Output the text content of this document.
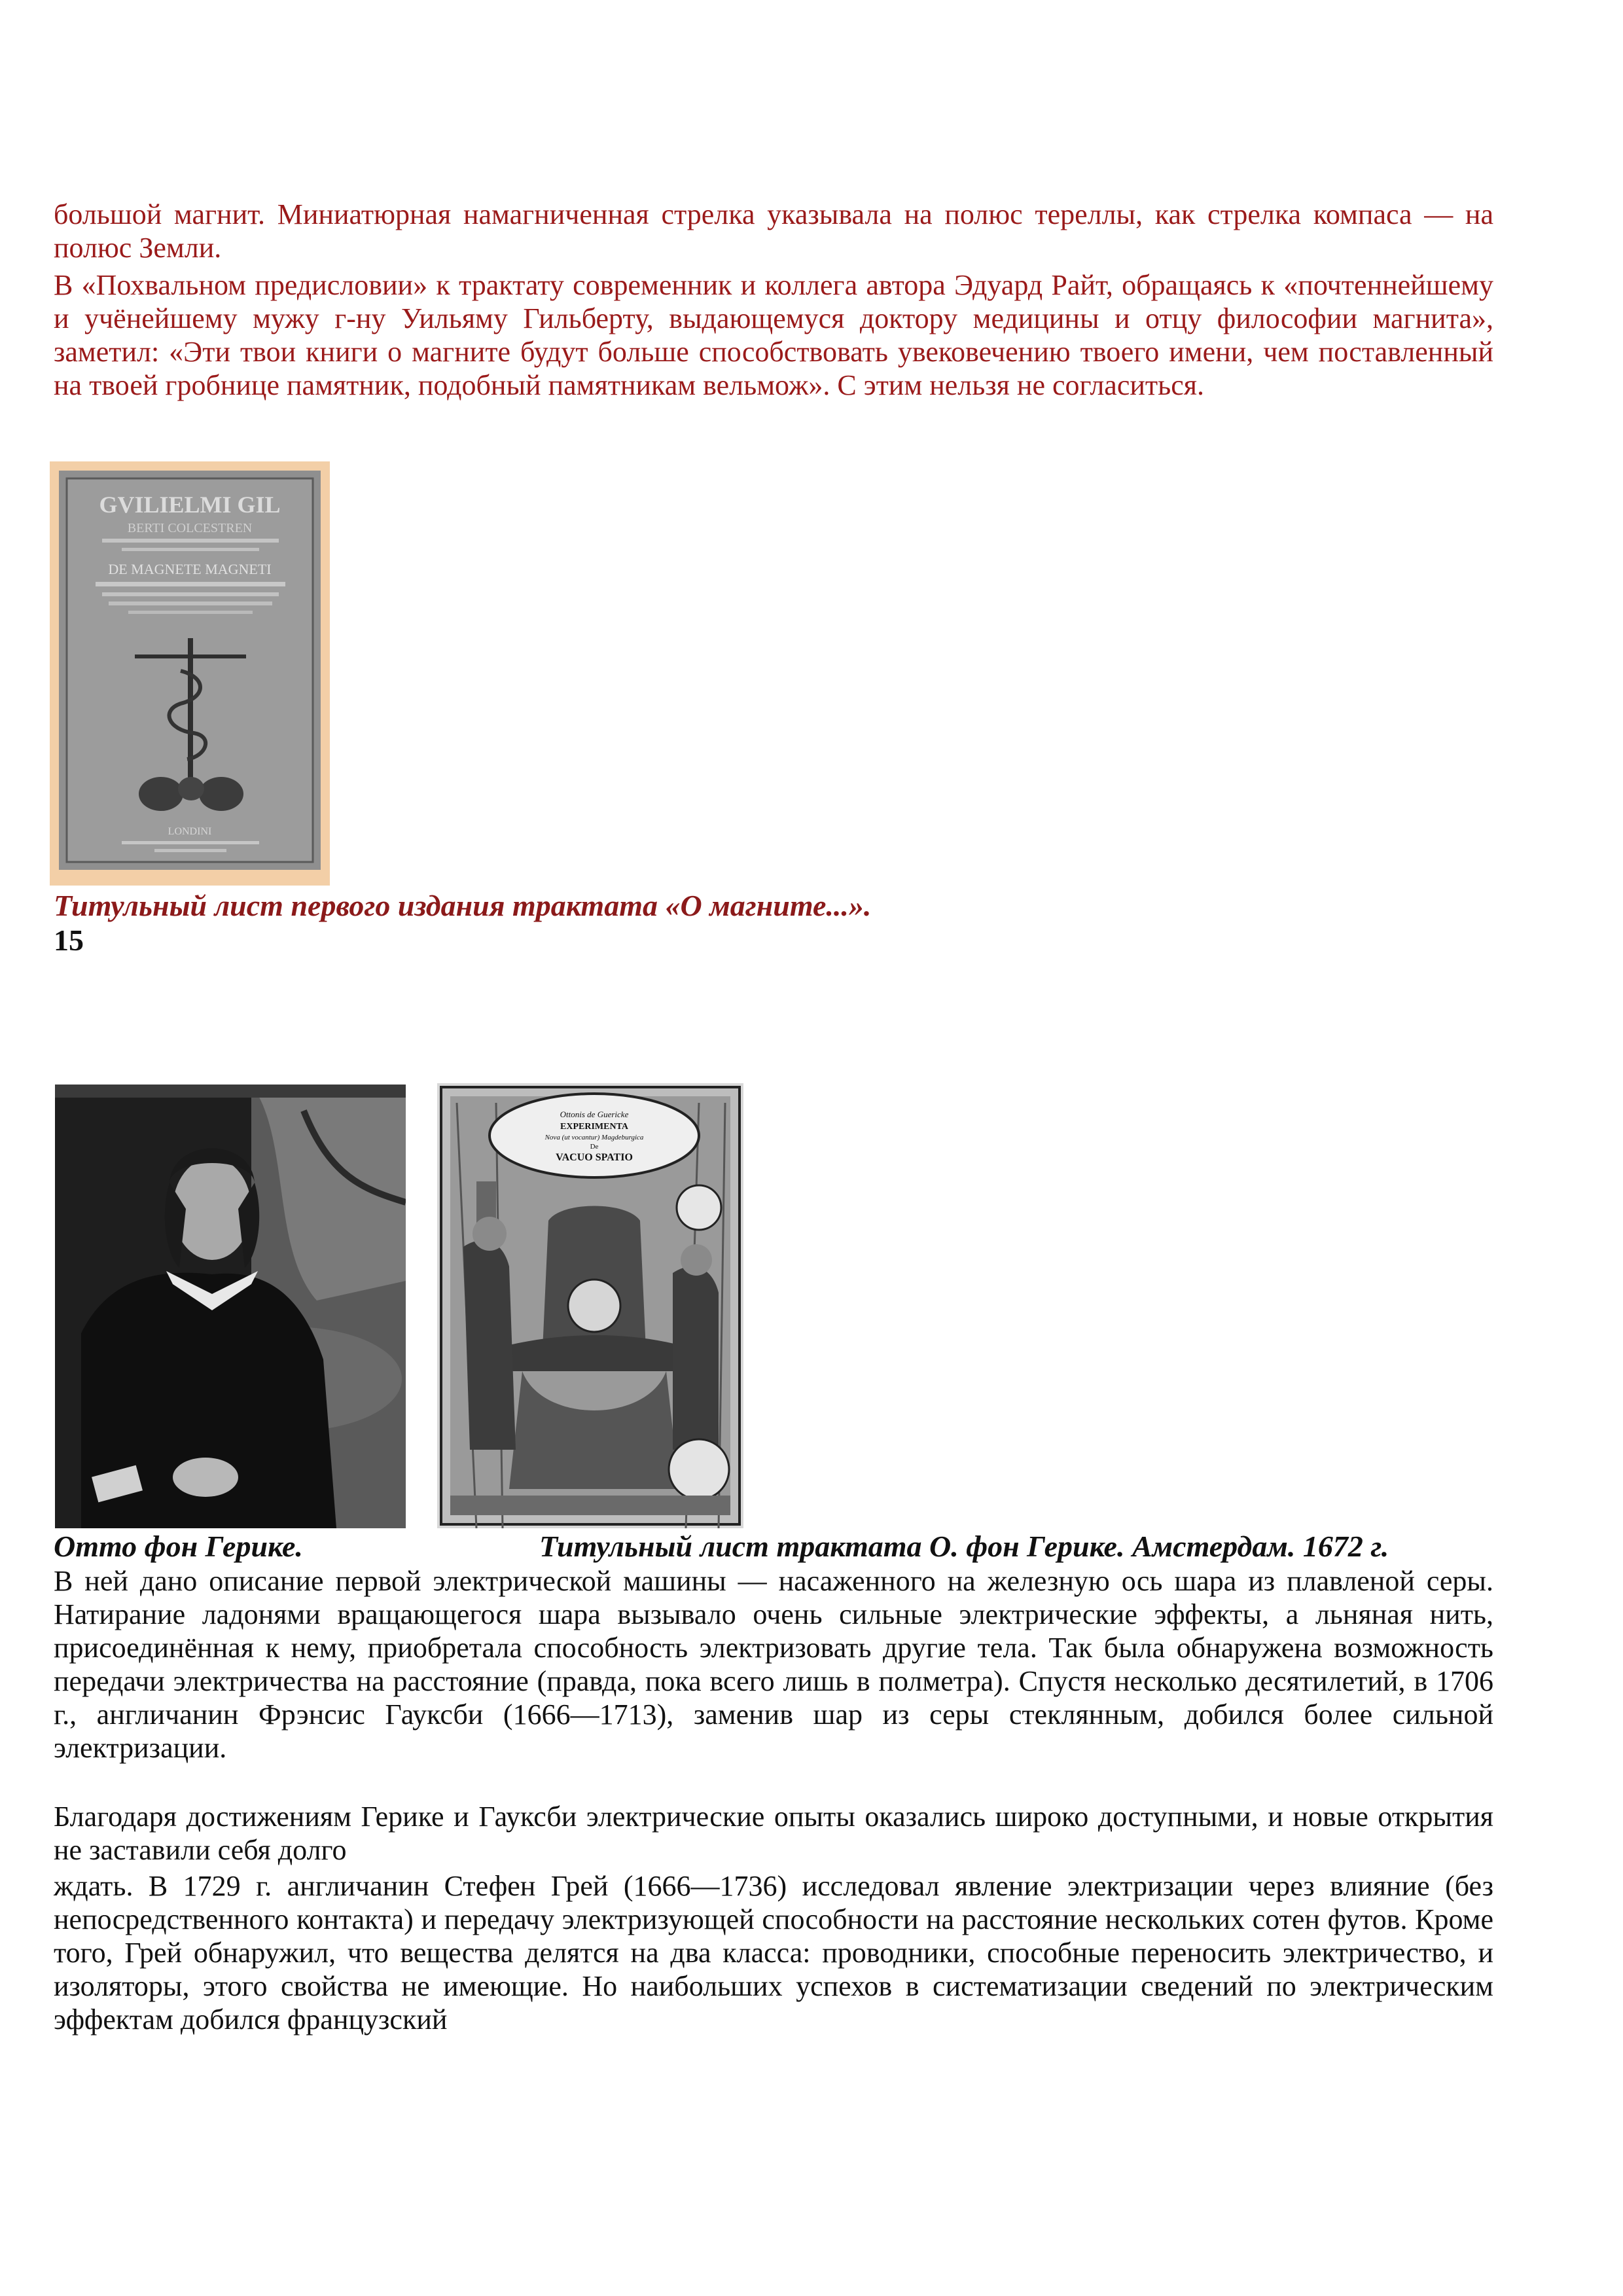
большой магнит. Миниатюрная намагниченная стрелка указывала на полюс тереллы, как стрелка компаса — на полюс Земли.

В «Похвальном предисловии» к трактату современник и коллега автора Эдуард Райт, обращаясь к «почтеннейшему и учёнейшему мужу г-ну Уильяму Гильберту, выдающемуся доктору медицины и отцу философии магнита», заметил: «Эти твои книги о магните будут больше способствовать увековечению твоего имени, чем поставленный на твоей гробнице памятник, подобный памятникам вельмож». С этим нельзя не согласиться.

GVILIELMI GIL
BERTI COLCESTREN
DE MAGNETE MAGNETI
LONDINI
Титульный лист первого издания трактата «О магните...».
15
Ottonis de Guericke
EXPERIMENTA
Nova (ut vocantur) Magdeburgica
De
VACUO SPATIO
Отто фон Герике.	Титульный лист трактата О. фон Герике. Амстердам. 1672 г.

В ней дано описание первой электрической машины — насаженного на железную ось шара из плавленой серы. Натирание ладонями вращающегося шара вызывало очень сильные электрические эффекты, а льняная нить, присоединённая к нему, приобретала способность электризовать другие тела. Так была обнаружена возможность передачи электричества на расстояние (правда, пока всего лишь в полметра). Спустя несколько десятилетий, в 1706 г., англичанин Фрэнсис Гауксби (1666—1713), заменив шар из серы стеклянным, добился более сильной электризации.

Благодаря достижениям Герике и Гауксби электрические опыты оказались широко доступными, и новые открытия не заставили себя долго

ждать. В 1729 г. англичанин Стефен Грей (1666—1736) исследовал явление электризации через влияние (без непосредственного контакта) и передачу электризующей способности на расстояние нескольких сотен футов. Кроме того, Грей обнаружил, что вещества делятся на два класса: проводники, способные переносить электричество, и изоляторы, этого свойства не имеющие. Но наибольших успехов в систематизации сведений по электрическим эффектам добился французский
